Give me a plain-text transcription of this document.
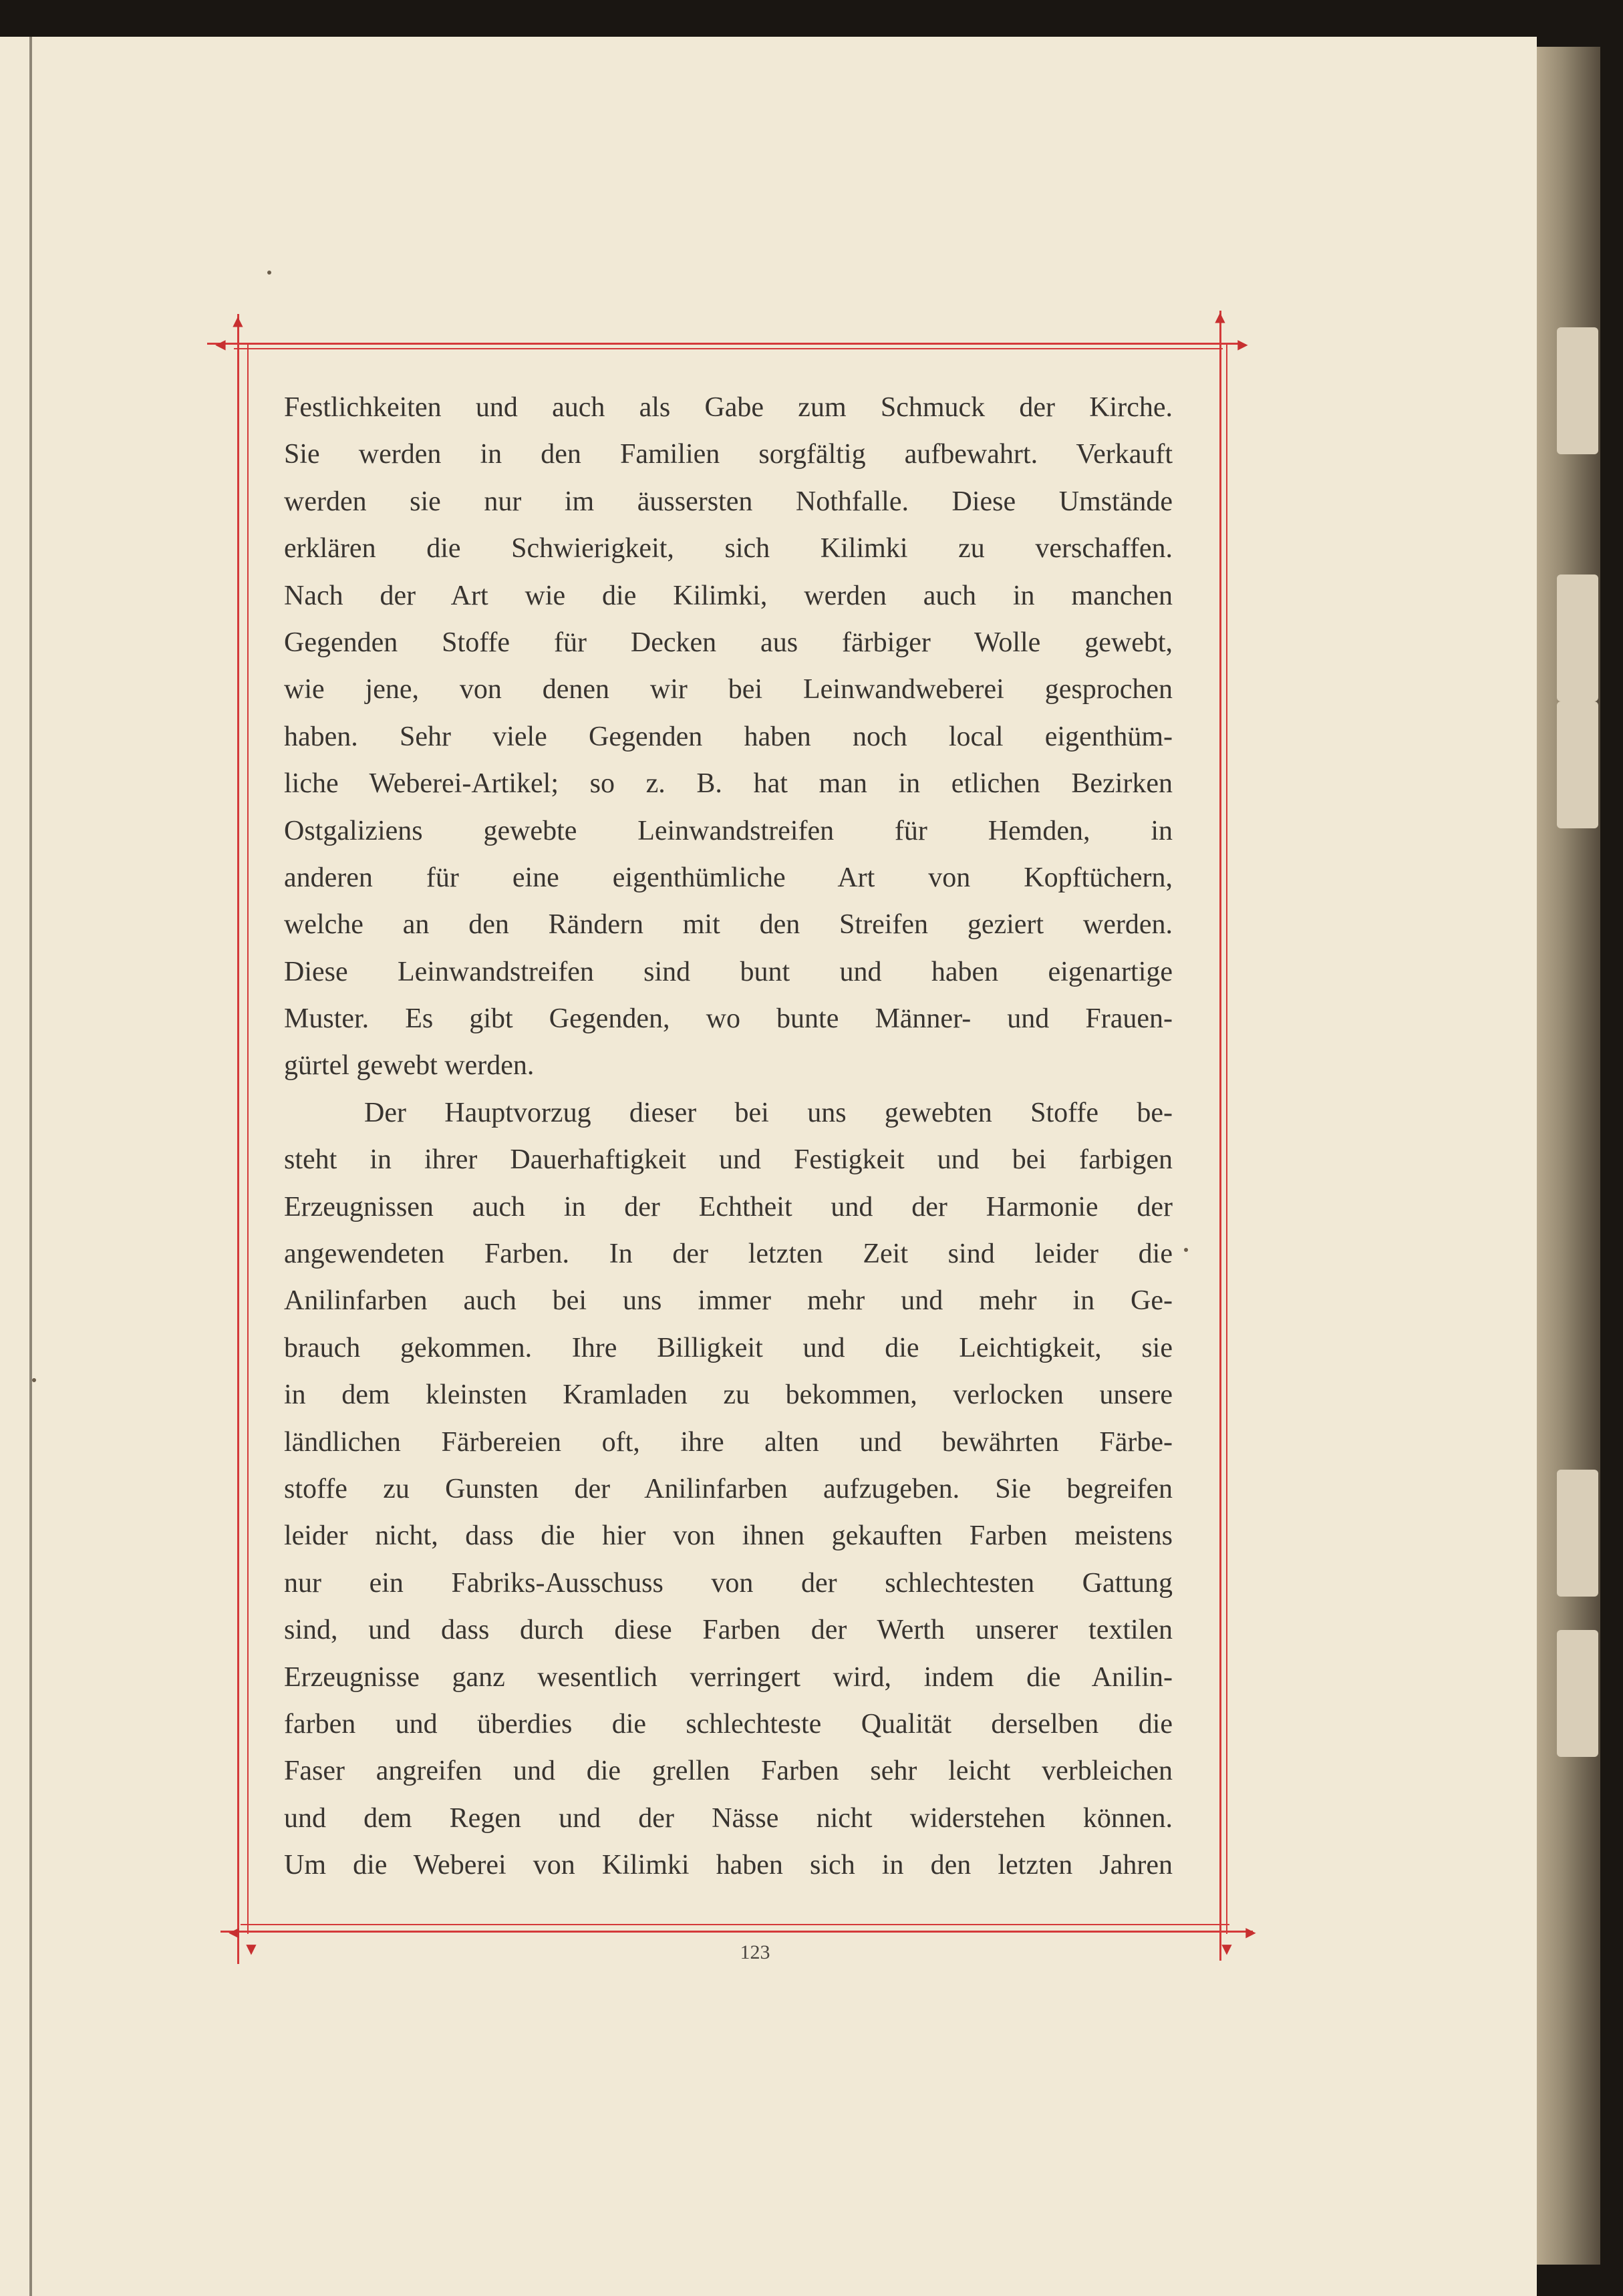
▲	▲
▼	▼
◀	▶
◀	▶
Festlichkeiten und auch als Gabe zum Schmuck der Kirche.
Sie werden in den Familien sorgfältig aufbewahrt. Verkauft
werden sie nur im äussersten Nothfalle. Diese Umstände
erklären die Schwierigkeit, sich Kilimki zu verschaffen.
Nach der Art wie die Kilimki, werden auch in manchen
Gegenden Stoffe für Decken aus färbiger Wolle gewebt,
wie jene, von denen wir bei Leinwandweberei gesprochen
haben. Sehr viele Gegenden haben noch local eigenthüm-
liche Weberei-Artikel; so z. B. hat man in etlichen Bezirken
Ostgaliziens gewebte Leinwandstreifen für Hemden, in
anderen für eine eigenthümliche Art von Kopftüchern,
welche an den Rändern mit den Streifen geziert werden.
Diese Leinwandstreifen sind bunt und haben eigenartige
Muster. Es gibt Gegenden, wo bunte Männer- und Frauen-
gürtel gewebt werden.
Der Hauptvorzug dieser bei uns gewebten Stoffe be-
steht in ihrer Dauerhaftigkeit und Festigkeit und bei farbigen
Erzeugnissen auch in der Echtheit und der Harmonie der
angewendeten Farben. In der letzten Zeit sind leider die
Anilinfarben auch bei uns immer mehr und mehr in Ge-
brauch gekommen. Ihre Billigkeit und die Leichtigkeit, sie
in dem kleinsten Kramladen zu bekommen, verlocken unsere
ländlichen Färbereien oft, ihre alten und bewährten Färbe-
stoffe zu Gunsten der Anilinfarben aufzugeben. Sie begreifen
leider nicht, dass die hier von ihnen gekauften Farben meistens
nur ein Fabriks-Ausschuss von der schlechtesten Gattung
sind, und dass durch diese Farben der Werth unserer textilen
Erzeugnisse ganz wesentlich verringert wird, indem die Anilin-
farben und überdies die schlechteste Qualität derselben die
Faser angreifen und die grellen Farben sehr leicht verbleichen
und dem Regen und der Nässe nicht widerstehen können.
Um die Weberei von Kilimki haben sich in den letzten Jahren
123
